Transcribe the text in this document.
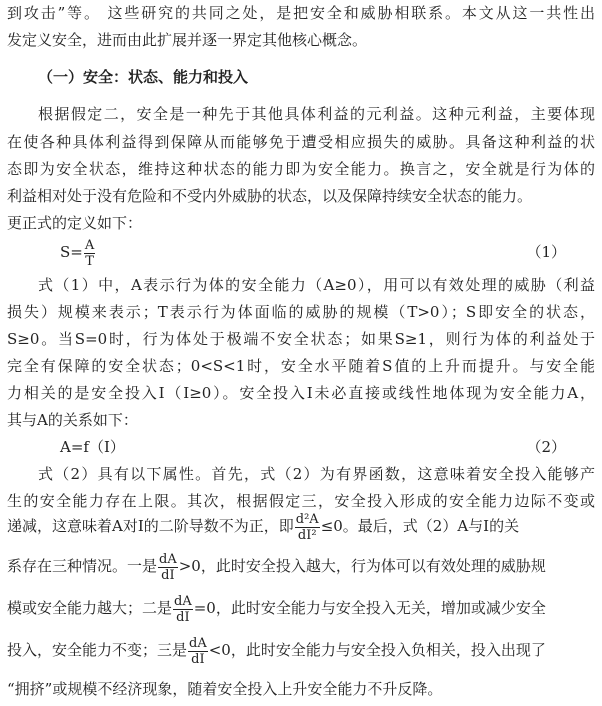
到攻击”等。 这些研究的共同之处，是把安全和威胁相联系。本文从这一共性出
发定义安全，进而由此扩展并逐一界定其他核心概念。
（一）安全：状态、能力和投入
根据假定二，安全是一种先于其他具体利益的元利益。这种元利益，主要体现
在使各种具体利益得到保障从而能够免于遭受相应损失的威胁。具备这种利益的状
态即为安全状态，维持这种状态的能力即为安全能力。换言之，安全就是行为体的
利益相对处于没有危险和不受内外威胁的状态，以及保障持续安全状态的能力。
更正式的定义如下：
$S= \frac{A}{T}$	（1）
式（1）中，A表示行为体的安全能力（A≥0），用可以有效处理的威胁（利益
损失）规模来表示；T表示行为体面临的威胁的规模（T>0）；S即安全的状态，
S≥0。当S=0时，行为体处于极端不安全状态；如果S≥1，则行为体的利益处于
完全有保障的安全状态；0<S<1时，安全水平随着S值的上升而提升。与安全能
力相关的是安全投入I（I≥0）。安全投入I未必直接或线性地体现为安全能力A，
其与A的关系如下：
A=f（I）	（2）
式（2）具有以下属性。首先，式（2）为有界函数，这意味着安全投入能够产
生的安全能力存在上限。其次，根据假定三，安全投入形成的安全能力边际不变或
递减，这意味着A对I的二阶导数不为正，即 $\frac{\text{d²A}}{\text{dI²}} \le 0$。最后，式（2）A与I的关
系存在三种情况。一是 $\frac{dA}{dI} >0$，此时安全投入越大，行为体可以有效处理的威胁规
模或安全能力越大；二是 $\frac{dA}{dI} =0$，此时安全能力与安全投入无关，增加或减少安全
投入，安全能力不变；三是 $\frac{dA}{dI} <0$，此时安全能力与安全投入负相关，投入出现了
“拥挤”或规模不经济现象，随着安全投入上升安全能力不升反降。
